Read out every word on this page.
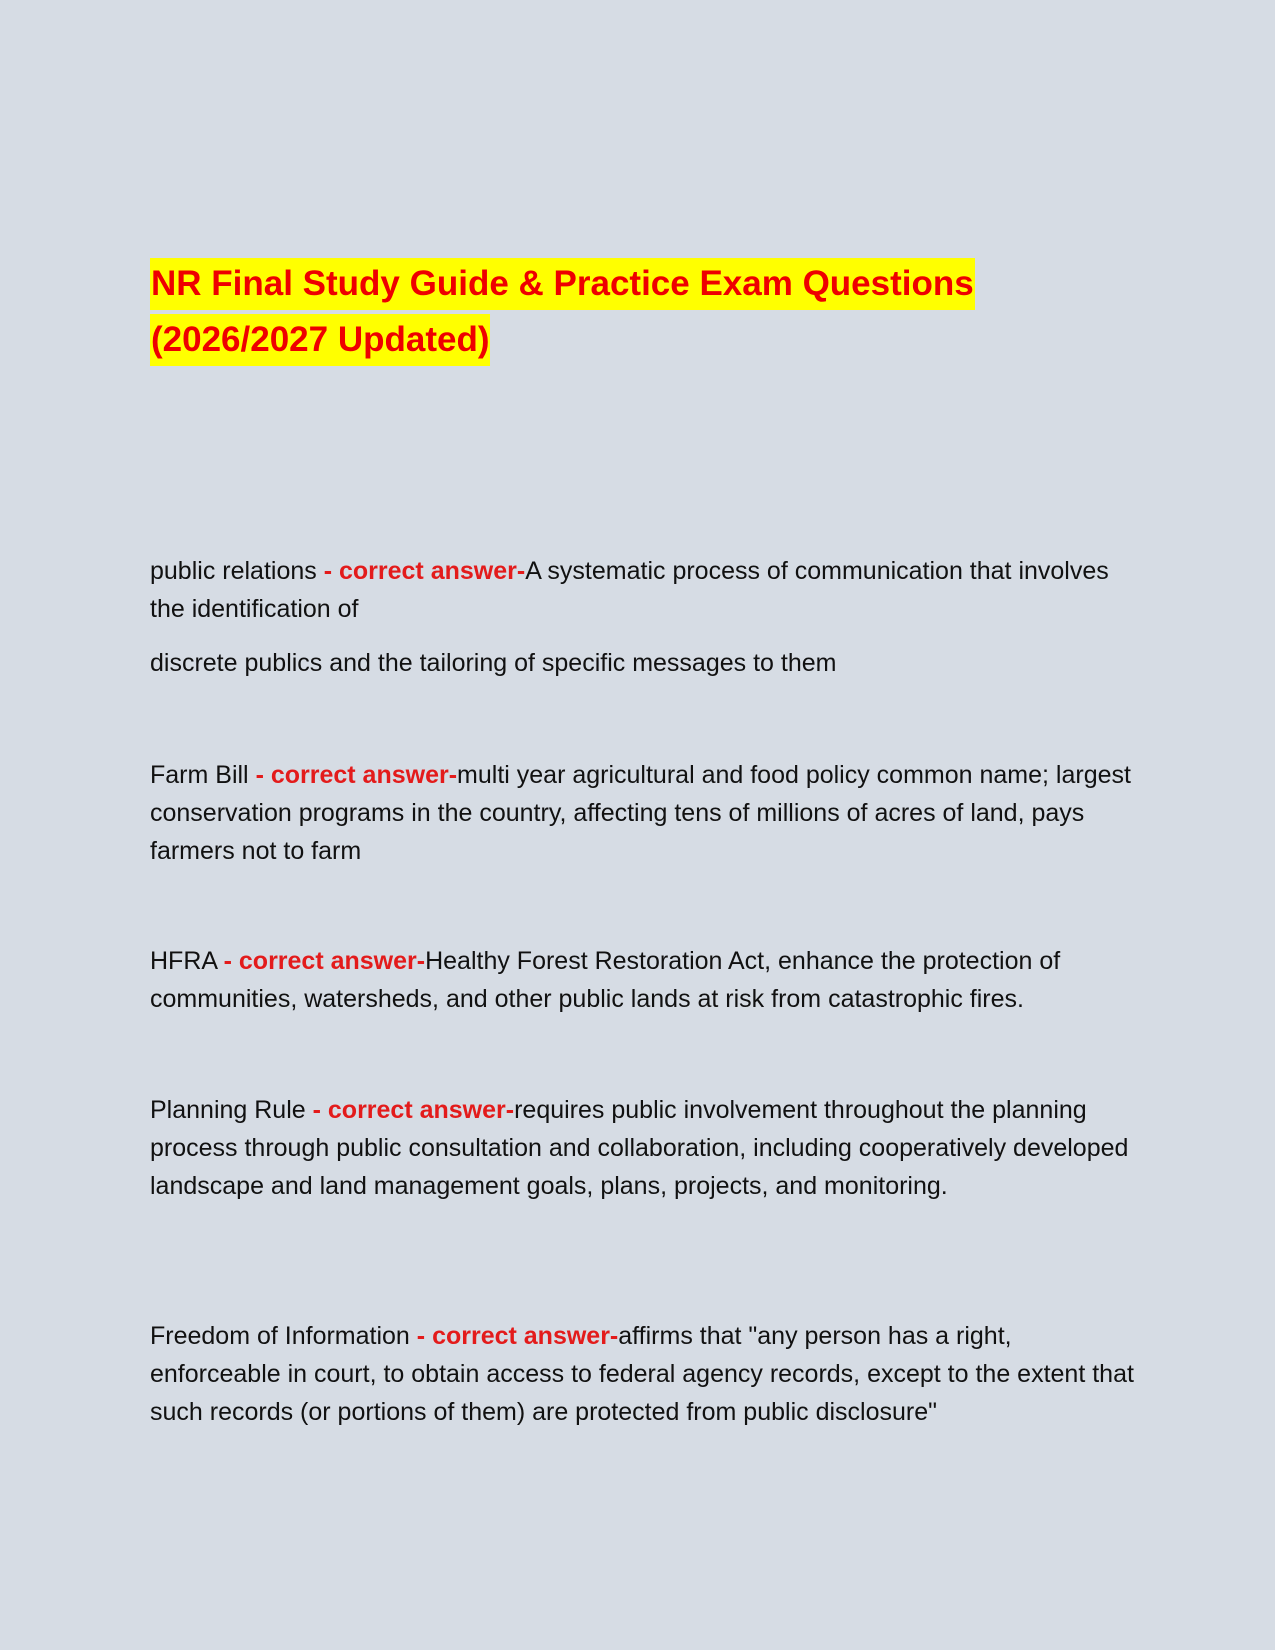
NR Final Study Guide & Practice Exam Questions
(2026/2027 Updated)

public relations - correct answer-A systematic process of communication that involves the identification of

discrete publics and the tailoring of specific messages to them

Farm Bill - correct answer-multi year agricultural and food policy common name; largest conservation programs in the country, affecting tens of millions of acres of land, pays farmers not to farm

HFRA - correct answer-Healthy Forest Restoration Act, enhance the protection of communities, watersheds, and other public lands at risk from catastrophic fires.

Planning Rule - correct answer-requires public involvement throughout the planning process through public consultation and collaboration, including cooperatively developed landscape and land management goals, plans, projects, and monitoring.

Freedom of Information - correct answer-affirms that "any person has a right, enforceable in court, to obtain access to federal agency records, except to the extent that such records (or portions of them) are protected from public disclosure"
